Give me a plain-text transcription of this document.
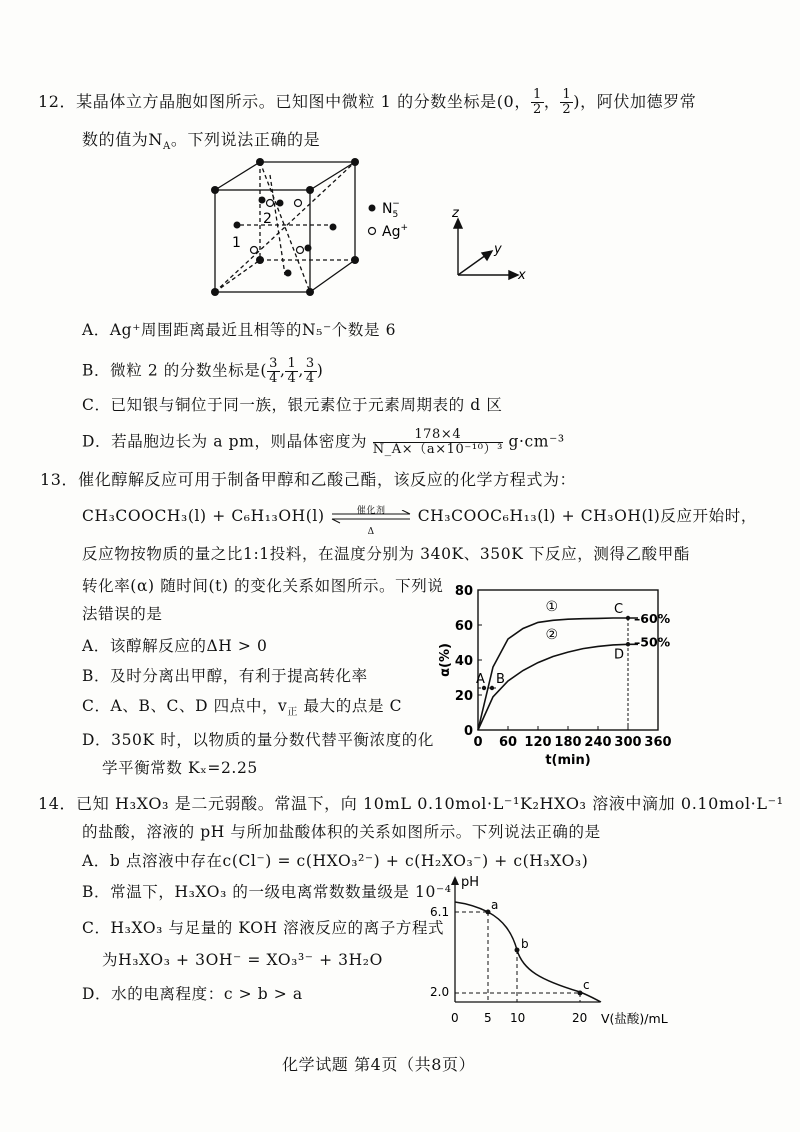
12．某晶体立方晶胞如图所示。已知图中微粒 1 的分数坐标是(0， $\frac{1}{2}$ ， $\frac{1}{2}$ )，阿伏加德罗常
数的值为$N_A$。下列说法正确的是
1
2
$N_5-$
Ag+
z
y
x
A．Ag⁺周围距离最近且相等的N₅⁻个数是 6
B．微粒 2 的分数坐标是( $\frac{3}{4}$ , $\frac{1}{4}$ , $\frac{3}{4}$ )
C．已知银与铜位于同一族，银元素位于元素周期表的 d 区
D．若晶胞边长为 a pm，则晶体密度为 $\frac{178\times 4}{\text{N\_A×（a×10⁻¹⁰）³}} g\cdot cm^{-3}$
13．催化醇解反应可用于制备甲醇和乙酸己酯，该反应的化学方程式为：
CH₃COOCH₃(l) + C₆H₁₃OH(l)	催化剂
Δ
CH₃COOC₆H₁₃(l) + CH₃OH(l)反应开始时，
反应物按物质的量之比1:1投料，在温度分别为 340K、350K 下反应，测得乙酸甲酯
转化率(α) 随时间(t) 的变化关系如图所示。下列说
法错误的是
A．该醇解反应的ΔH > 0
B．及时分离出甲醇，有利于提高转化率
C．A、B、C、D 四点中，$v_正$ 最大的点是 C
D．350K 时，以物质的量分数代替平衡浓度的化
学平衡常数 Kₓ=2.25
0 60 120 180 240 300 360
0
20
40
60
80
t(min)
α(%)
①
②
A B
C
D
–60%
–50%
14．已知 H₃XO₃ 是二元弱酸。常温下，向 10mL 0.10mol·L⁻¹K₂HXO₃ 溶液中滴加 0.10mol·L⁻¹
的盐酸，溶液的 pH 与所加盐酸体积的关系如图所示。下列说法正确的是
A．b 点溶液中存在c(Cl⁻) = c(HXO₃²⁻) + c(H₂XO₃⁻) + c(H₃XO₃)
B．常温下，H₃XO₃ 的一级电离常数数量级是 10⁻⁴
C．H₃XO₃ 与足量的 KOH 溶液反应的离子方程式
为H₃XO₃ + 3OH⁻ = XO₃³⁻ + 3H₂O
D．水的电离程度：c > b > a
pH
6.1
2.0
0 5 10	20 V(盐酸)/mL
a
b
c
化学试题 第4页（共8页）
